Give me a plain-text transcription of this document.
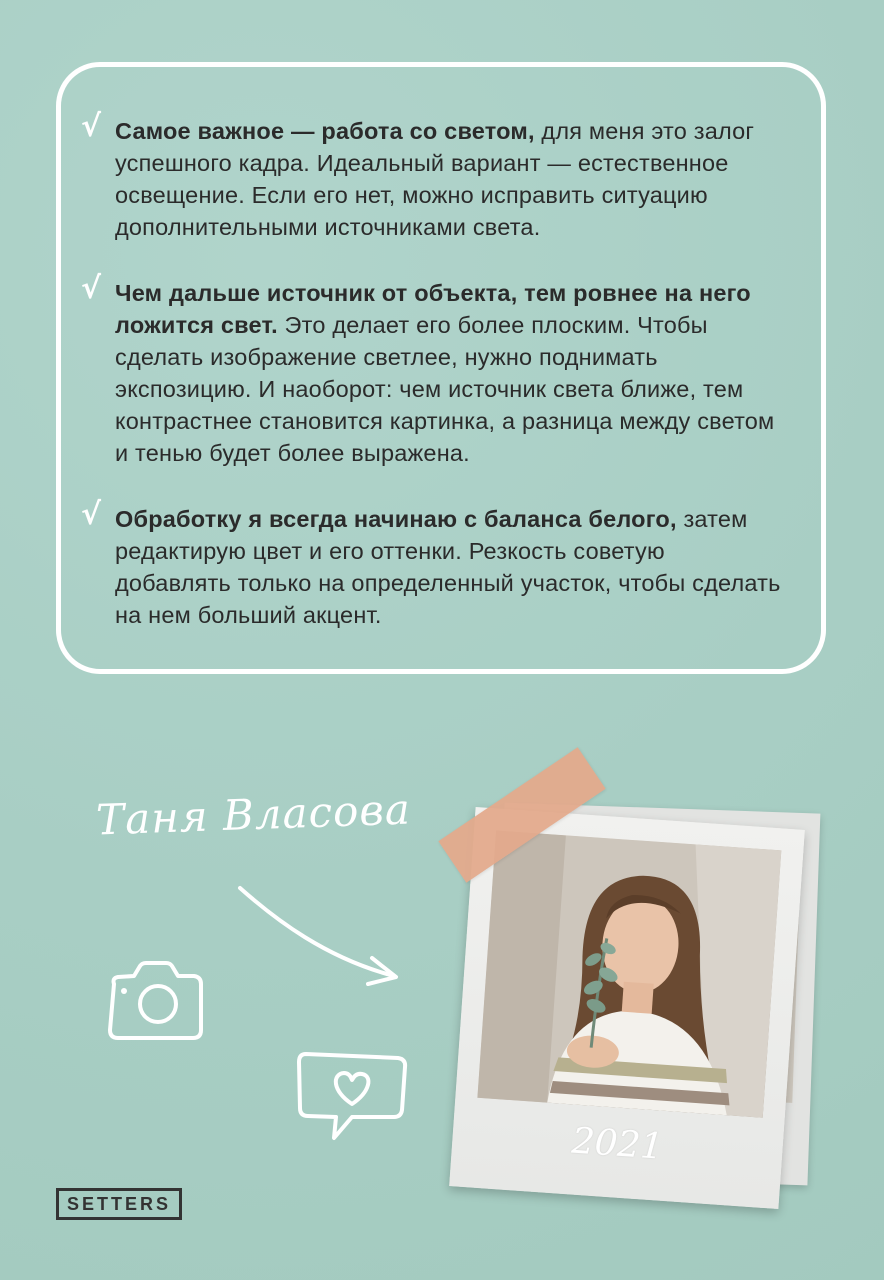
√ Самое важное — работа со светом, для меня это залог успешного кадра. Идеальный вариант — естественное освещение. Если его нет, можно исправить ситуацию дополнительными источниками света.
√ Чем дальше источник от объекта, тем ровнее на него ложится свет. Это делает его более плоским. Чтобы сделать изображение светлее, нужно поднимать экспозицию. И наоборот: чем источник света ближе, тем контрастнее становится картинка, а разница между светом и тенью будет более выражена.
√ Обработку я всегда начинаю с баланса белого, затем редактирую цвет и его оттенки. Резкость советую добавлять только на определенный участок, чтобы сделать на нем больший акцент.
Таня Власова
2021
SETTERS
